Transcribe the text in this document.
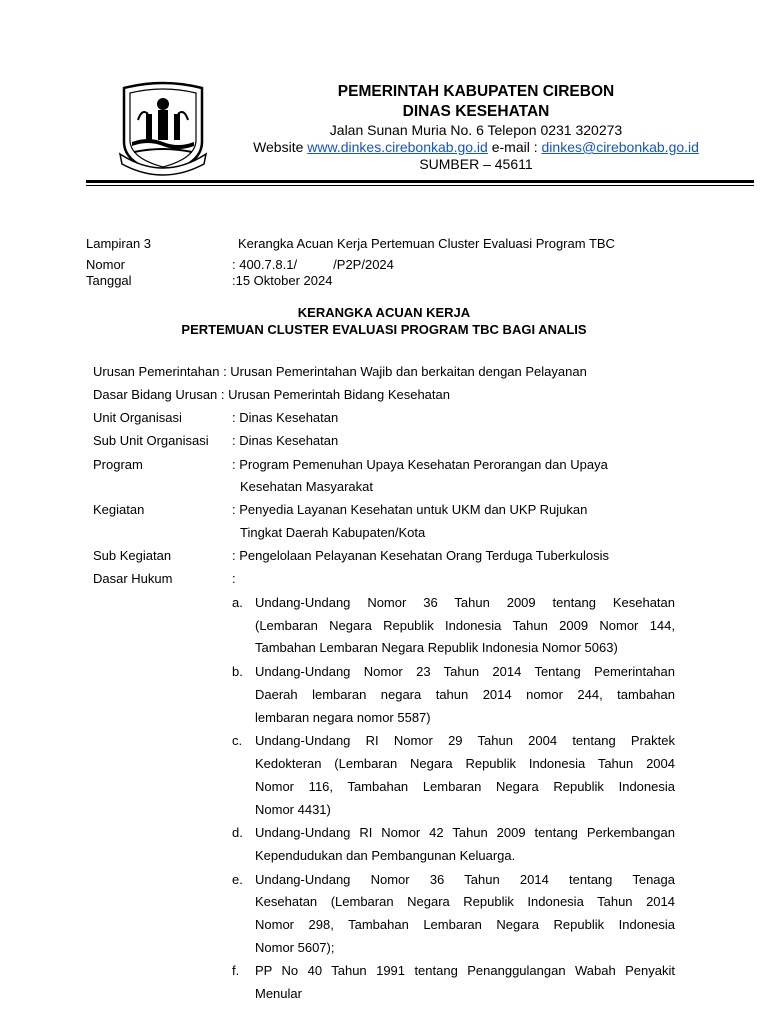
PEMERINTAH KABUPATEN CIREBON
DINAS KESEHATAN
Jalan Sunan Muria No. 6 Telepon 0231 320273
Website www.dinkes.cirebonkab.go.id e-mail : dinkes@cirebonkab.go.id
SUMBER – 45611
Lampiran 3	Kerangka Acuan Kerja Pertemuan Cluster Evaluasi Program TBC
Nomor	: 400.7.8.1/          /P2P/2024
Tanggal	:15 Oktober 2024
KERANGKA ACUAN KERJA
PERTEMUAN CLUSTER EVALUASI PROGRAM TBC BAGI ANALIS
Urusan Pemerintahan : Urusan Pemerintahan Wajib dan berkaitan dengan Pelayanan
Dasar Bidang Urusan : Urusan Pemerintah Bidang Kesehatan
Unit Organisasi	: Dinas Kesehatan
Sub Unit Organisasi : Dinas Kesehatan
Program	: Program Pemenuhan Upaya Kesehatan Perorangan dan Upaya
Kesehatan Masyarakat
Kegiatan	: Penyedia Layanan Kesehatan untuk UKM dan UKP Rujukan
Tingkat Daerah Kabupaten/Kota
Sub Kegiatan	: Pengelolaan Pelayanan Kesehatan Orang Terduga Tuberkulosis
Dasar Hukum	:
a. Undang-Undang Nomor 36 Tahun 2009 tentang Kesehatan
(Lembaran Negara Republik Indonesia Tahun 2009 Nomor 144,
Tambahan Lembaran Negara Republik Indonesia Nomor 5063)
b. Undang-Undang Nomor 23 Tahun 2014 Tentang Pemerintahan
Daerah lembaran negara tahun 2014 nomor 244, tambahan
lembaran negara nomor 5587)
c. Undang-Undang RI Nomor 29 Tahun 2004 tentang Praktek
Kedokteran (Lembaran Negara Republik Indonesia Tahun 2004
Nomor 116, Tambahan Lembaran Negara Republik Indonesia
Nomor 4431)
d. Undang-Undang RI Nomor 42 Tahun 2009 tentang Perkembangan
Kependudukan dan Pembangunan Keluarga.
e. Undang-Undang Nomor 36 Tahun 2014 tentang Tenaga
Kesehatan (Lembaran Negara Republik Indonesia Tahun 2014
Nomor 298, Tambahan Lembaran Negara Republik Indonesia
Nomor 5607);
f.	PP No 40 Tahun 1991 tentang Penanggulangan Wabah Penyakit
Menular
